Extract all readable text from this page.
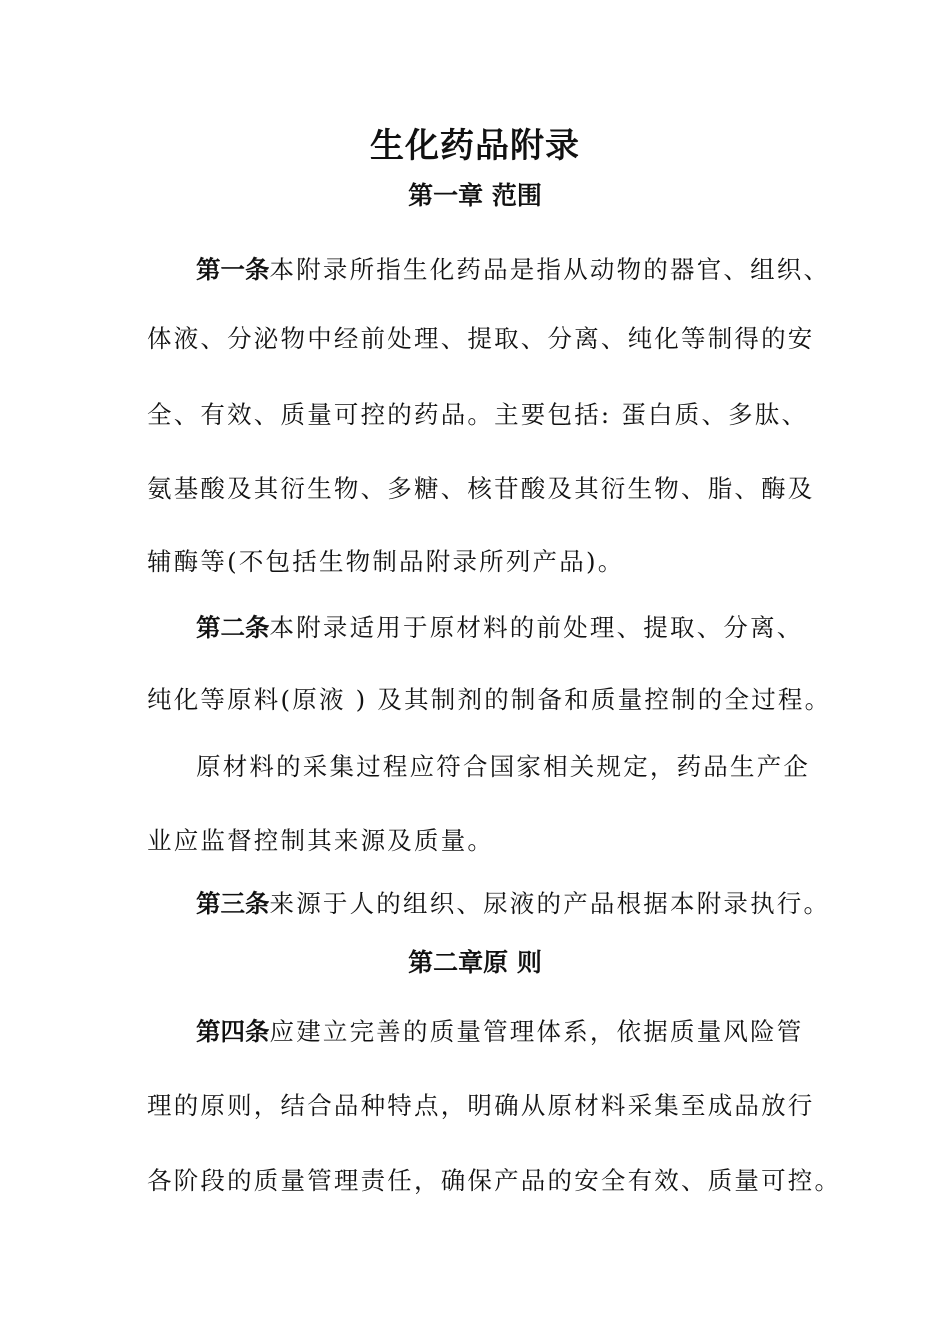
生化药品附录
第一章 范围
第一条本附录所指生化药品是指从动物的器官、组织、
体液、分泌物中经前处理、提取、分离、纯化等制得的安
全、有效、质量可控的药品。主要包括: 蛋白质、多肽、
氨基酸及其衍生物、多糖、核苷酸及其衍生物、脂、酶及
辅酶等(不包括生物制品附录所列产品)。
第二条本附录适用于原材料的前处理、提取、分离、
纯化等原料(原液 ) 及其制剂的制备和质量控制的全过程。
原材料的采集过程应符合国家相关规定，药品生产企
业应监督控制其来源及质量。
第三条来源于人的组织、尿液的产品根据本附录执行。
第二章原 则
第四条应建立完善的质量管理体系，依据质量风险管
理的原则，结合品种特点，明确从原材料采集至成品放行
各阶段的质量管理责任，确保产品的安全有效、质量可控。
